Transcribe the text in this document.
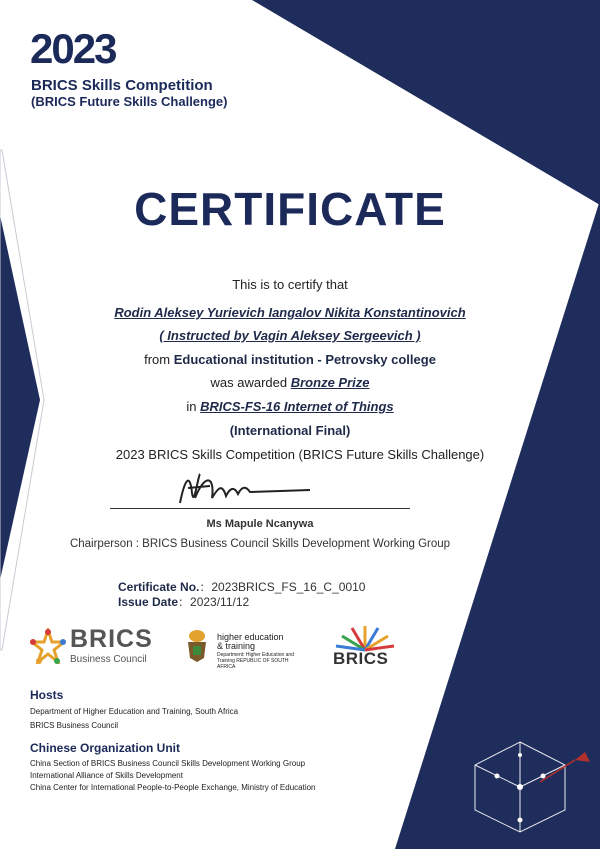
2023
BRICS Skills Competition
(BRICS Future Skills Challenge)
CERTIFICATE
This is to certify that
Rodin Aleksey Yurievich Iangalov Nikita Konstantinovich
( Instructed by Vagin Aleksey Sergeevich )
from Educational institution - Petrovsky college
was awarded Bronze Prize
in BRICS-FS-16 Internet of Things
(International Final)
2023 BRICS Skills Competition (BRICS Future Skills Challenge)
Ms Mapule Ncanywa
Chairperson : BRICS Business Council Skills Development Working Group
Certificate No.：2023BRICS_FS_16_C_0010
Issue Date：2023/11/12
BRICS
Business Council
higher education
& training
Department: Higher Education and Training REPUBLIC OF SOUTH AFRICA	BRICS
Hosts
Department of Higher Education and Training, South Africa
BRICS Business Council
Chinese Organization Unit
China Section of BRICS Business Council Skills Development Working Group
International Alliance of Skills Development
China Center for International People-to-People Exchange, Ministry of Education
